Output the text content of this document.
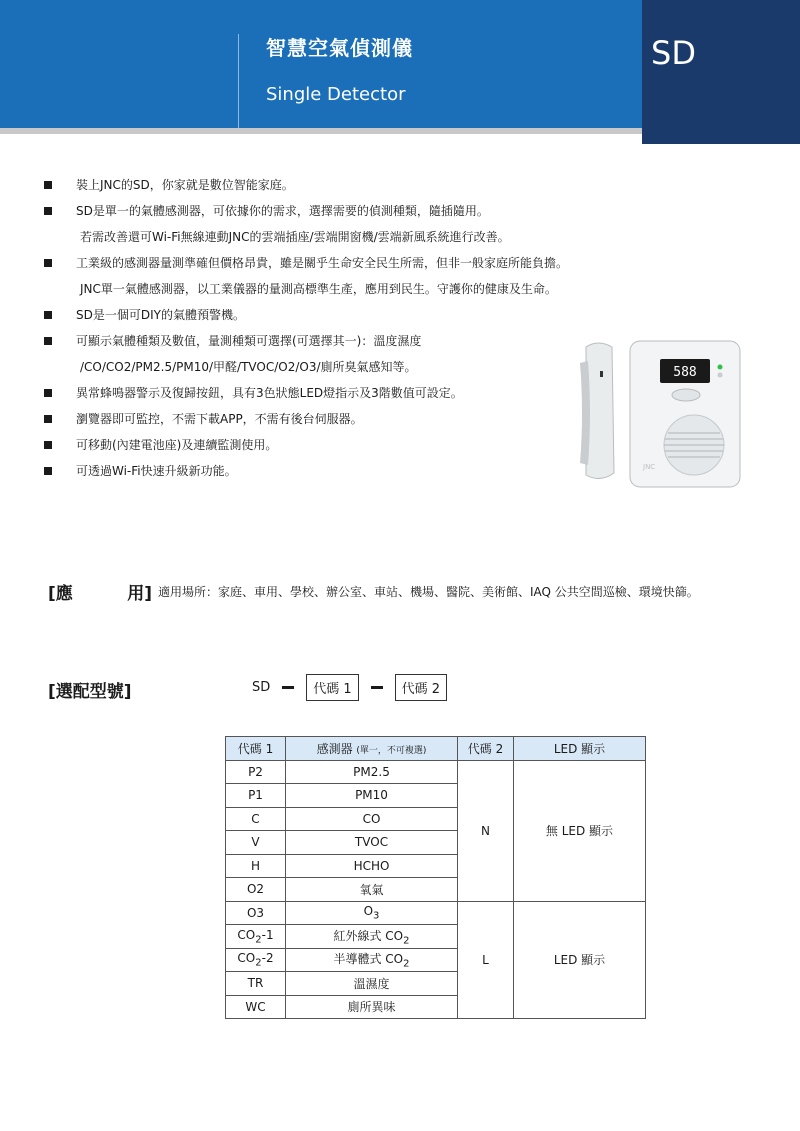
智慧空氣偵測儀
Single Detector
SD
裝上JNC的SD，你家就是數位智能家庭。
SD是單一的氣體感測器，可依據你的需求，選擇需要的偵測種類，隨插隨用。
若需改善還可Wi-Fi無線連動JNC的雲端插座/雲端開窗機/雲端新風系統進行改善。
工業級的感測器量測準確但價格昂貴，雖是關乎生命安全民生所需，但非一般家庭所能負擔。
JNC單一氣體感測器，以工業儀器的量測高標準生產，應用到民生。守護你的健康及生命。
SD是一個可DIY的氣體預警機。
可顯示氣體種類及數值，量測種類可選擇(可選擇其一)：溫度濕度
/CO/CO2/PM2.5/PM10/甲醛/TVOC/O2/O3/廁所臭氣感知等。
異常蜂鳴器警示及復歸按鈕，具有3色狀態LED燈指示及3階數值可設定。
瀏覽器即可監控，不需下載APP，不需有後台伺服器。
可移動(內建電池座)及連續監測使用。
可透過Wi-Fi快速升級新功能。
588
JNC
[應	用] 適用場所：家庭、車用、學校、辦公室、車站、機場、醫院、美術館、IAQ 公共空間巡檢、環境快篩。
[選配型號]	SD	代碼 1	代碼 2
代碼 1	感測器 (單一，不可複選)	代碼 2	LED 顯示
P2	PM2.5	N	無 LED 顯示
P1	PM10		
C	CO		
V	TVOC		
H	HCHO		
O2	氧氣		
O3	$O_3$	L	LED 顯示
$CO_2-1$	紅外線式 $CO_2$
$CO_2-2$	半導體式 $CO_2$
TR	溫濕度		
WC	廁所異味		
